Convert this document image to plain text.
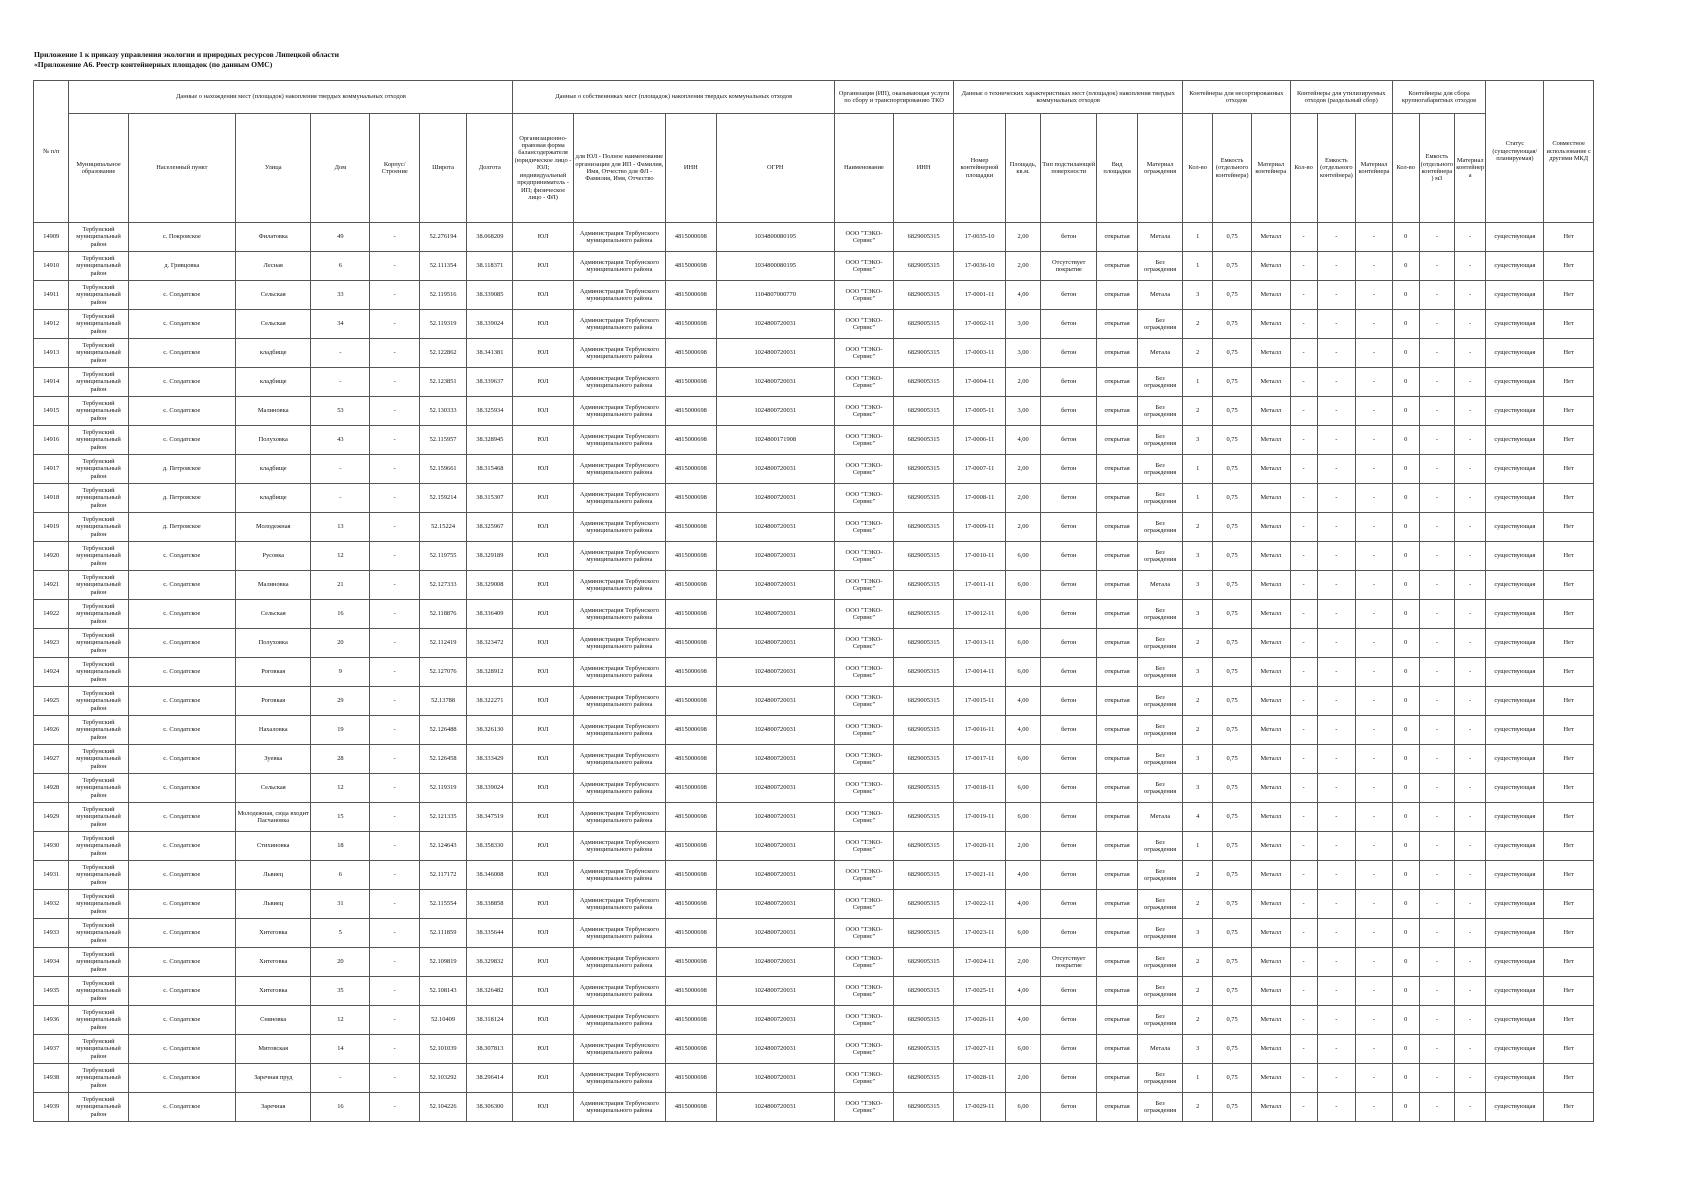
Приложение 1 к приказу управления экологии и природных ресурсов Липецкой области
«Приложение А6. Реестр контейнерных площадок (по данным ОМС)
№ п/п	Данные о нахождении мест (площадок) накопления твердых коммунальных отходов							Данные о собственниках мест (площадок) накопления твердых коммунальных отходов				Организация (ИП), оказывающая услуги по сбору и транспортированию ТКО		Данные о технических характеристиках мест (площадок) накопления твердых коммунальных отходов					Контейнеры для несортированных отходов			Контейнеры для утилизируемых отходов (раздельный сбор)			Контейнеры для сбора крупногабаритных отходов			Статус (существующая/ планируемая)	Совместное использование с другими МКД
	Муниципальное образование	Населенный пункт	Улица	Дом	Корпус/Строение	Широта	Долгота	Организационно-правовая форма балансодержателя (юридическое лицо - ЮЛ; индивидуальный предприниматель - ИП; физическое лицо - ФЛ)	для ЮЛ - Полное наименование организации для ИП - Фамилия, Имя, Отчество для ФЛ - Фамилия, Имя, Отчество	ИНН	ОГРН	Наименование	ИНН	Номер контейнерной площадки	Площадь, кв.м.	Тип подстилающей поверхности	Вид площадки	Материал ограждения	Кол-во	Емкость (отдельного контейнера)	Материал контейнера	Кол-во	Емкость (отдельного контейнера)	Материал контейнера	Кол-во	Емкость (отдельного контейнера) м3	Материал контейнера		
14909	Тербунский муниципальный район	с. Покровское	Филатовка	49	-	52.276194	38.068209	ЮЛ	Администрация Тербунского муниципального района	4815000698	1034800080195	ООО "ТЭКО-Сервис"	6829005315	17-0035-10	2,00	бетон	открытая	Метала	1	0,75	Металл	-	-	-	0	-	-	существующая	Нет
14910	Тербунский муниципальный район	д. Гривцовка	Лесная	6	-	52.111354	38.118371	ЮЛ	Администрация Тербунского муниципального района	4815000698	1034800080195	ООО "ТЭКО-Сервис"	6829005315	17-0036-10	2,00	Отсутствует покрытие	открытая	Без ограждения	1	0,75	Металл	-	-	-	0	-	-	существующая	Нет
14911	Тербунский муниципальный район	с. Солдатское	Сельская	33	-	52.119516	38.339085	ЮЛ	Администрация Тербунского муниципального района	4815000698	1104807000770	ООО "ТЭКО-Сервис"	6829005315	17-0001-11	4,00	бетон	открытая	Метала	3	0,75	Металл	-	-	-	0	-	-	существующая	Нет
14912	Тербунский муниципальный район	с. Солдатское	Сельская	34	-	52.119319	38.339024	ЮЛ	Администрация Тербунского муниципального района	4815000698	1024800720031	ООО "ТЭКО-Сервис"	6829005315	17-0002-11	3,00	бетон	открытая	Без ограждения	2	0,75	Металл	-	-	-	0	-	-	существующая	Нет
14913	Тербунский муниципальный район	с. Солдатское	кладбище	-	-	52.122862	38.341381	ЮЛ	Администрация Тербунского муниципального района	4815000698	1024800720031	ООО "ТЭКО-Сервис"	6829005315	17-0003-11	3,00	бетон	открытая	Метала	2	0,75	Металл	-	-	-	0	-	-	существующая	Нет
14914	Тербунский муниципальный район	с. Солдатское	кладбище	-	-	52.123851	38.339637	ЮЛ	Администрация Тербунского муниципального района	4815000698	1024800720031	ООО "ТЭКО-Сервис"	6829005315	17-0004-11	2,00	бетон	открытая	Без ограждения	1	0,75	Металл	-	-	-	0	-	-	существующая	Нет
14915	Тербунский муниципальный район	с. Солдатское	Малиновка	53	-	52.130333	38.325934	ЮЛ	Администрация Тербунского муниципального района	4815000698	1024800720031	ООО "ТЭКО-Сервис"	6829005315	17-0005-11	3,00	бетон	открытая	Без ограждения	2	0,75	Металл	-	-	-	0	-	-	существующая	Нет
14916	Тербунский муниципальный район	с. Солдатское	Полуховка	43	-	52.115957	38.328945	ЮЛ	Администрация Тербунского муниципального района	4815000698	1024800171908	ООО "ТЭКО-Сервис"	6829005315	17-0006-11	4,00	бетон	открытая	Без ограждения	3	0,75	Металл	-	-	-	0	-	-	существующая	Нет
14917	Тербунский муниципальный район	д. Петровское	кладбище	-	-	52.159661	38.315468	ЮЛ	Администрация Тербунского муниципального района	4815000698	1024800720031	ООО "ТЭКО-Сервис"	6829005315	17-0007-11	2,00	бетон	открытая	Без ограждения	1	0,75	Металл	-	-	-	0	-	-	существующая	Нет
14918	Тербунский муниципальный район	д. Петровское	кладбище	-	-	52.159214	38.315307	ЮЛ	Администрация Тербунского муниципального района	4815000698	1024800720031	ООО "ТЭКО-Сервис"	6829005315	17-0008-11	2,00	бетон	открытая	Без ограждения	1	0,75	Металл	-	-	-	0	-	-	существующая	Нет
14919	Тербунский муниципальный район	д. Петровское	Молодежная	13	-	52.15224	38.325967	ЮЛ	Администрация Тербунского муниципального района	4815000698	1024800720031	ООО "ТЭКО-Сервис"	6829005315	17-0009-11	2,00	бетон	открытая	Без ограждения	2	0,75	Металл	-	-	-	0	-	-	существующая	Нет
14920	Тербунский муниципальный район	с. Солдатское	Русовка	12	-	52.119755	38.329189	ЮЛ	Администрация Тербунского муниципального района	4815000698	1024800720031	ООО "ТЭКО-Сервис"	6829005315	17-0010-11	6,00	бетон	открытая	Без ограждения	3	0,75	Металл	-	-	-	0	-	-	существующая	Нет
14921	Тербунский муниципальный район	с. Солдатское	Малиновка	21	-	52.127333	38.329008	ЮЛ	Администрация Тербунского муниципального района	4815000698	1024800720031	ООО "ТЭКО-Сервис"	6829005315	17-0011-11	6,00	бетон	открытая	Метала	3	0,75	Металл	-	-	-	0	-	-	существующая	Нет
14922	Тербунский муниципальный район	с. Солдатское	Сельская	16	-	52.118876	38.336409	ЮЛ	Администрация Тербунского муниципального района	4815000698	1024800720031	ООО "ТЭКО-Сервис"	6829005315	17-0012-11	6,00	бетон	открытая	Без ограждения	3	0,75	Металл	-	-	-	0	-	-	существующая	Нет
14923	Тербунский муниципальный район	с. Солдатское	Полуховка	20	-	52.112419	38.323472	ЮЛ	Администрация Тербунского муниципального района	4815000698	1024800720031	ООО "ТЭКО-Сервис"	6829005315	17-0013-11	6,00	бетон	открытая	Без ограждения	2	0,75	Металл	-	-	-	0	-	-	существующая	Нет
14924	Тербунский муниципальный район	с. Солдатское	Роговкая	9	-	52.127076	38.328912	ЮЛ	Администрация Тербунского муниципального района	4815000698	1024800720031	ООО "ТЭКО-Сервис"	6829005315	17-0014-11	6,00	бетон	открытая	Без ограждения	3	0,75	Металл	-	-	-	0	-	-	существующая	Нет
14925	Тербунский муниципальный район	с. Солдатское	Роговкая	29	-	52.13788	38.322271	ЮЛ	Администрация Тербунского муниципального района	4815000698	1024800720031	ООО "ТЭКО-Сервис"	6829005315	17-0015-11	4,00	бетон	открытая	Без ограждения	2	0,75	Металл	-	-	-	0	-	-	существующая	Нет
14926	Тербунский муниципальный район	с. Солдатское	Нахаловка	19	-	52.126488	38.326130	ЮЛ	Администрация Тербунского муниципального района	4815000698	1024800720031	ООО "ТЭКО-Сервис"	6829005315	17-0016-11	4,00	бетон	открытая	Без ограждения	2	0,75	Металл	-	-	-	0	-	-	существующая	Нет
14927	Тербунский муниципальный район	с. Солдатское	Зуевка	28	-	52.126458	38.333429	ЮЛ	Администрация Тербунского муниципального района	4815000698	1024800720031	ООО "ТЭКО-Сервис"	6829005315	17-0017-11	6,00	бетон	открытая	Без ограждения	3	0,75	Металл	-	-	-	0	-	-	существующая	Нет
14928	Тербунский муниципальный район	с. Солдатское	Сельская	12	-	52.119319	38.339024	ЮЛ	Администрация Тербунского муниципального района	4815000698	1024800720031	ООО "ТЭКО-Сервис"	6829005315	17-0018-11	6,00	бетон	открытая	Без ограждения	3	0,75	Металл	-	-	-	0	-	-	существующая	Нет
14929	Тербунский муниципальный район	с. Солдатское	Молодежная, сюда входит Пасчановка	15	-	52.121335	38.347519	ЮЛ	Администрация Тербунского муниципального района	4815000698	1024800720031	ООО "ТЭКО-Сервис"	6829005315	17-0019-11	6,00	бетон	открытая	Метала	4	0,75	Металл	-	-	-	0	-	-	существующая	Нет
14930	Тербунский муниципальный район	с. Солдатское	Стихиновка	18	-	52.124643	38.358330	ЮЛ	Администрация Тербунского муниципального района	4815000698	1024800720031	ООО "ТЭКО-Сервис"	6829005315	17-0020-11	2,00	бетон	открытая	Без ограждения	1	0,75	Металл	-	-	-	0	-	-	существующая	Нет
14931	Тербунский муниципальный район	с. Солдатское	Львиец	6	-	52.117172	38.346008	ЮЛ	Администрация Тербунского муниципального района	4815000698	1024800720031	ООО "ТЭКО-Сервис"	6829005315	17-0021-11	4,00	бетон	открытая	Без ограждения	2	0,75	Металл	-	-	-	0	-	-	существующая	Нет
14932	Тербунский муниципальный район	с. Солдатское	Львиец	31	-	52.115554	38.338858	ЮЛ	Администрация Тербунского муниципального района	4815000698	1024800720031	ООО "ТЭКО-Сервис"	6829005315	17-0022-11	4,00	бетон	открытая	Без ограждения	2	0,75	Металл	-	-	-	0	-	-	существующая	Нет
14933	Тербунский муниципальный район	с. Солдатское	Хитеговка	5	-	52.111859	38.335644	ЮЛ	Администрация Тербунского муниципального района	4815000698	1024800720031	ООО "ТЭКО-Сервис"	6829005315	17-0023-11	6,00	бетон	открытая	Без ограждения	3	0,75	Металл	-	-	-	0	-	-	существующая	Нет
14934	Тербунский муниципальный район	с. Солдатское	Хитеговка	20	-	52.109819	38.329832	ЮЛ	Администрация Тербунского муниципального района	4815000698	1024800720031	ООО "ТЭКО-Сервис"	6829005315	17-0024-11	2,00	Отсутствует покрытие	открытая	Без ограждения	2	0,75	Металл	-	-	-	0	-	-	существующая	Нет
14935	Тербунский муниципальный район	с. Солдатское	Хитеговка	35	-	52.108143	38.326482	ЮЛ	Администрация Тербунского муниципального района	4815000698	1024800720031	ООО "ТЭКО-Сервис"	6829005315	17-0025-11	4,00	бетон	открытая	Без ограждения	2	0,75	Металл	-	-	-	0	-	-	существующая	Нет
14936	Тербунский муниципальный район	с. Солдатское	Сняновка	12	-	52.10409	38.318124	ЮЛ	Администрация Тербунского муниципального района	4815000698	1024800720031	ООО "ТЭКО-Сервис"	6829005315	17-0026-11	4,00	бетон	открытая	Без ограждения	2	0,75	Металл	-	-	-	0	-	-	существующая	Нет
14937	Тербунский муниципальный район	с. Солдатское	Митовская	14	-	52.101039	38.307813	ЮЛ	Администрация Тербунского муниципального района	4815000698	1024800720031	ООО "ТЭКО-Сервис"	6829005315	17-0027-11	6,00	бетон	открытая	Метала	3	0,75	Металл	-	-	-	0	-	-	существующая	Нет
14938	Тербунский муниципальный район	с. Солдатское	Заречная пруд	-	-	52.103292	38.296414	ЮЛ	Администрация Тербунского муниципального района	4815000698	1024800720031	ООО "ТЭКО-Сервис"	6829005315	17-0028-11	2,00	бетон	открытая	Без ограждения	1	0,75	Металл	-	-	-	0	-	-	существующая	Нет
14939	Тербунский муниципальный район	с. Солдатское	Заречная	16	-	52.104226	38.306300	ЮЛ	Администрация Тербунского муниципального района	4815000698	1024800720031	ООО "ТЭКО-Сервис"	6829005315	17-0029-11	6,00	бетон	открытая	Без ограждения	2	0,75	Металл	-	-	-	0	-	-	существующая	Нет
